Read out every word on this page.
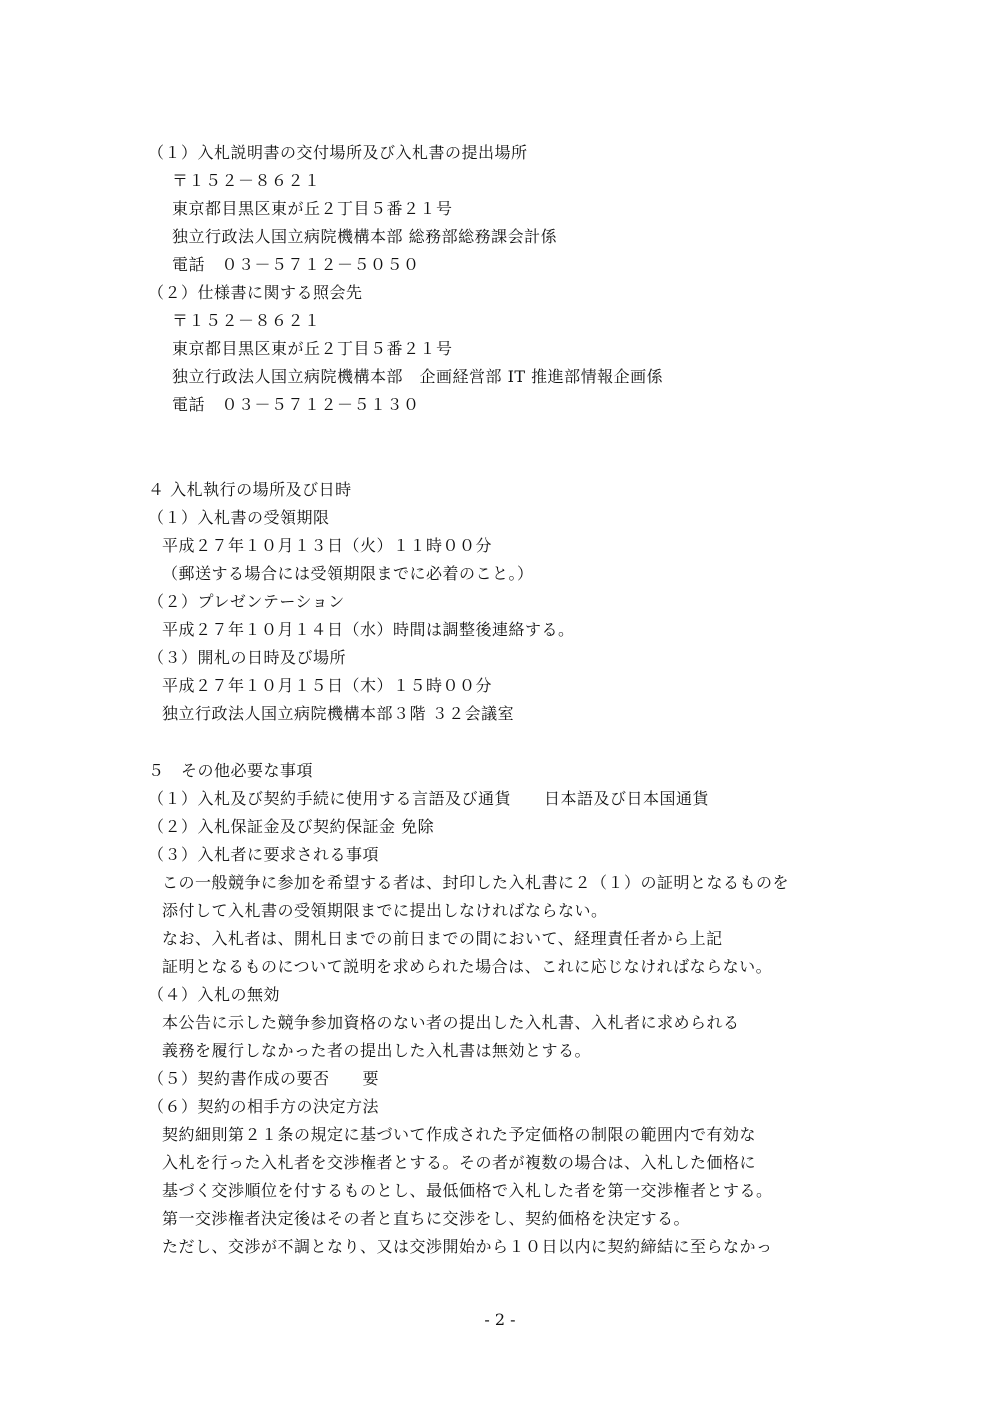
（１）入札説明書の交付場所及び入札書の提出場所
〒１５２－８６２１
東京都目黒区東が丘２丁目５番２１号
独立行政法人国立病院機構本部 総務部総務課会計係
電話　０３－５７１２－５０５０
（２）仕様書に関する照会先
〒１５２－８６２１
東京都目黒区東が丘２丁目５番２１号
独立行政法人国立病院機構本部　企画経営部 IT 推進部情報企画係
電話　０３－５７１２－５１３０
４ 入札執行の場所及び日時
（１）入札書の受領期限
平成２７年１０月１３日（火）１１時００分
（郵送する場合には受領期限までに必着のこと。）
（２）プレゼンテーション
平成２７年１０月１４日（水）時間は調整後連絡する。
（３）開札の日時及び場所
平成２７年１０月１５日（木）１５時００分
独立行政法人国立病院機構本部３階 ３２会議室
５　その他必要な事項
（１）入札及び契約手続に使用する言語及び通貨　　日本語及び日本国通貨
（２）入札保証金及び契約保証金 免除
（３）入札者に要求される事項
この一般競争に参加を希望する者は、封印した入札書に２（１）の証明となるものを
添付して入札書の受領期限までに提出しなければならない。
なお、入札者は、開札日までの前日までの間において、経理責任者から上記
証明となるものについて説明を求められた場合は、これに応じなければならない。
（４）入札の無効
本公告に示した競争参加資格のない者の提出した入札書、入札者に求められる
義務を履行しなかった者の提出した入札書は無効とする。
（５）契約書作成の要否　　要
（６）契約の相手方の決定方法
契約細則第２１条の規定に基づいて作成された予定価格の制限の範囲内で有効な
入札を行った入札者を交渉権者とする。その者が複数の場合は、入札した価格に
基づく交渉順位を付するものとし、最低価格で入札した者を第一交渉権者とする。
第一交渉権者決定後はその者と直ちに交渉をし、契約価格を決定する。
ただし、交渉が不調となり、又は交渉開始から１０日以内に契約締結に至らなかっ
- 2 -
